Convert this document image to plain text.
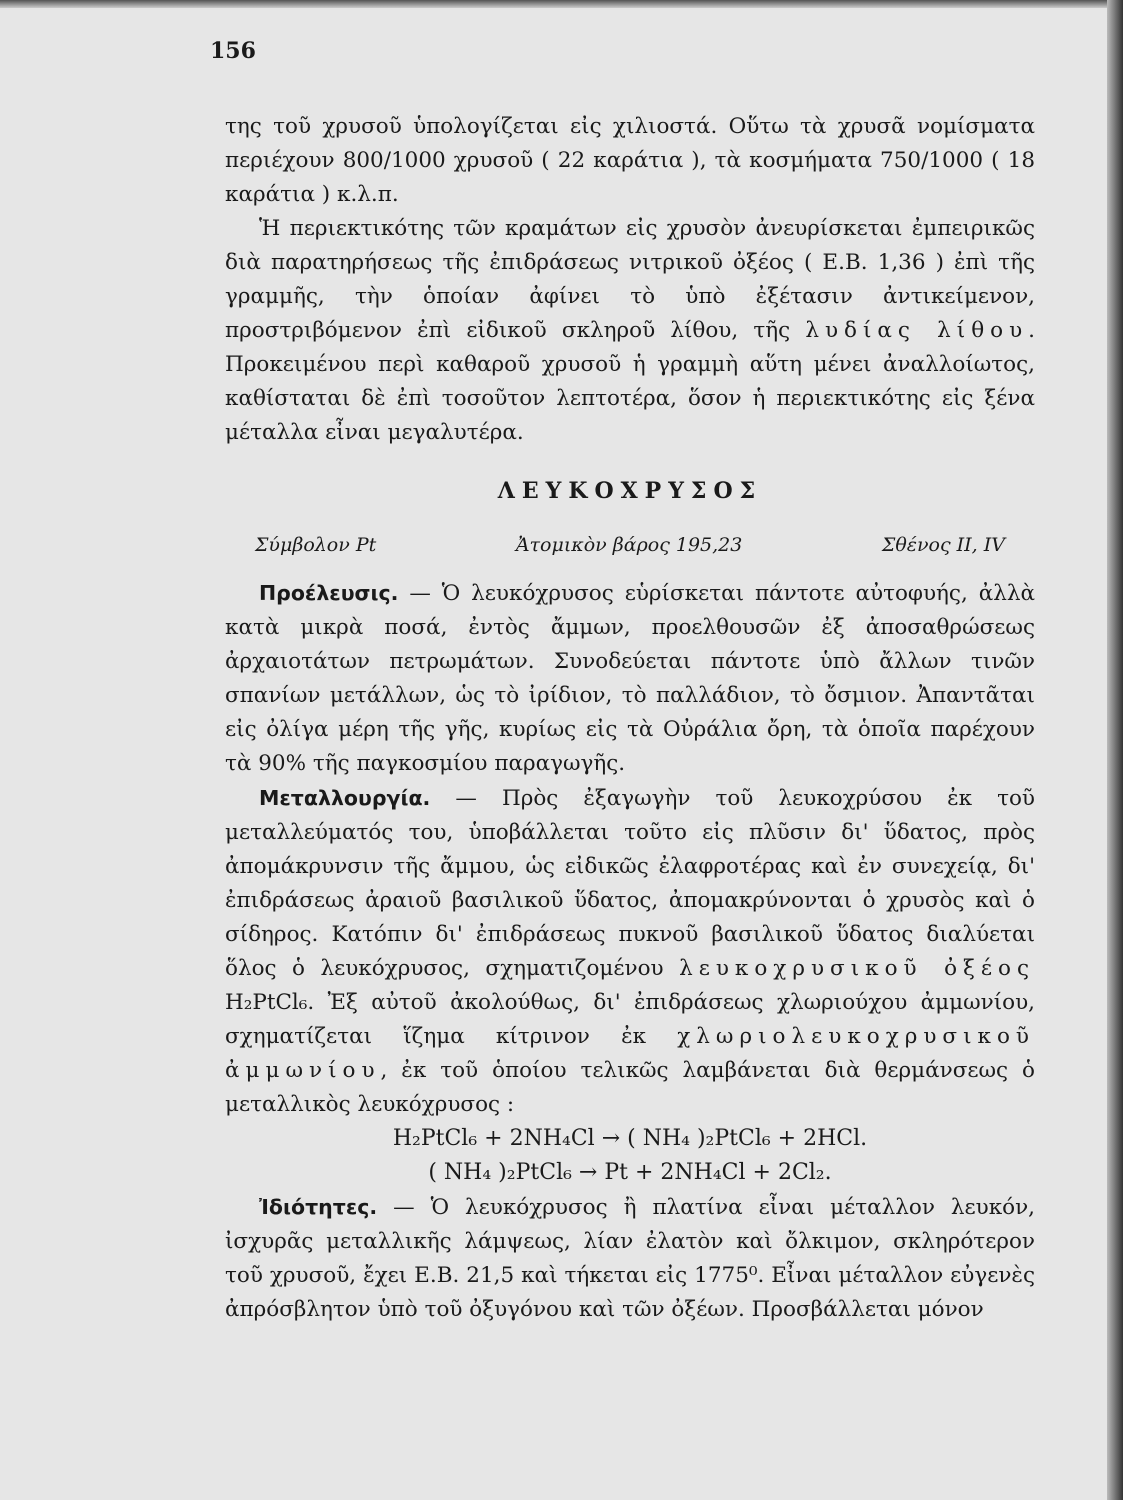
156

της τοῦ χρυσοῦ ὑπολογίζεται εἰς χιλιοστά. Οὕτω τὰ χρυσᾶ νομίσματα περιέχουν 800/1000 χρυσοῦ ( 22 καράτια ), τὰ κοσμήματα 750/1000 ( 18 καράτια ) κ.λ.π.

Ἡ περιεκτικότης τῶν κραμάτων εἰς χρυσὸν ἀνευρίσκεται ἐμπειρικῶς διὰ παρατηρήσεως τῆς ἐπιδράσεως νιτρικοῦ ὀξέος ( Ε.Β. 1,36 ) ἐπὶ τῆς γραμμῆς, τὴν ὁποίαν ἀφίνει τὸ ὑπὸ ἐξέτασιν ἀντικείμενον, προστριβόμενον ἐπὶ εἰδικοῦ σκληροῦ λίθου, τῆς λυδίας λίθου. Προκειμένου περὶ καθαροῦ χρυσοῦ ἡ γραμμὴ αὕτη μένει ἀναλλοίωτος, καθίσταται δὲ ἐπὶ τοσοῦτον λεπτοτέρα, ὅσον ἡ περιεκτικότης εἰς ξένα μέταλλα εἶναι μεγαλυτέρα.

ΛΕΥΚΟΧΡΥΣΟΣ
Σύμβολον Pt	Ἀτομικὸν βάρος 195,23	Σθένος II, IV

Προέλευσις. — Ὁ λευκόχρυσος εὑρίσκεται πάντοτε αὐτοφυής, ἀλλὰ κατὰ μικρὰ ποσά, ἐντὸς ἄμμων, προελθουσῶν ἐξ ἀποσαθρώσεως ἀρχαιοτάτων πετρωμάτων. Συνοδεύεται πάντοτε ὑπὸ ἄλλων τινῶν σπανίων μετάλλων, ὡς τὸ ἰρίδιον, τὸ παλλάδιον, τὸ ὄσμιον. Ἀπαντᾶται εἰς ὀλίγα μέρη τῆς γῆς, κυρίως εἰς τὰ Οὐράλια ὄρη, τὰ ὁποῖα παρέχουν τὰ 90% τῆς παγκοσμίου παραγωγῆς.

Μεταλλουργία. — Πρὸς ἐξαγωγὴν τοῦ λευκοχρύσου ἐκ τοῦ μεταλλεύματός του, ὑποβάλλεται τοῦτο εἰς πλῦσιν δι' ὕδατος, πρὸς ἀπομάκρυνσιν τῆς ἄμμου, ὡς εἰδικῶς ἐλαφροτέρας καὶ ἐν συνεχείᾳ, δι' ἐπιδράσεως ἀραιοῦ βασιλικοῦ ὕδατος, ἀπομακρύνονται ὁ χρυσὸς καὶ ὁ σίδηρος. Κατόπιν δι' ἐπιδράσεως πυκνοῦ βασιλικοῦ ὕδατος διαλύεται ὅλος ὁ λευκόχρυσος, σχηματιζομένου λευκοχρυσικοῦ ὀξέος H₂PtCl₆. Ἐξ αὐτοῦ ἀκολούθως, δι' ἐπιδράσεως χλωριούχου ἀμμωνίου, σχηματίζεται ἵζημα κίτρινον ἐκ χλωριολευκοχρυσικοῦ ἀμμωνίου, ἐκ τοῦ ὁποίου τελικῶς λαμβάνεται διὰ θερμάνσεως ὁ μεταλλικὸς λευκόχρυσος :

H₂PtCl₆ + 2NH₄Cl → ( NH₄ )₂PtCl₆ + 2HCl.
( NH₄ )₂PtCl₆ → Pt + 2NH₄Cl + 2Cl₂.

Ἰδιότητες. — Ὁ λευκόχρυσος ἢ πλατίνα εἶναι μέταλλον λευκόν, ἰσχυρᾶς μεταλλικῆς λάμψεως, λίαν ἐλατὸν καὶ ὄλκιμον, σκληρότερον τοῦ χρυσοῦ, ἔχει Ε.Β. 21,5 καὶ τήκεται εἰς 1775⁰. Εἶναι μέταλλον εὐγενὲς ἀπρόσβλητον ὑπὸ τοῦ ὀξυγόνου καὶ τῶν ὀξέων. Προσβάλλεται μόνον
